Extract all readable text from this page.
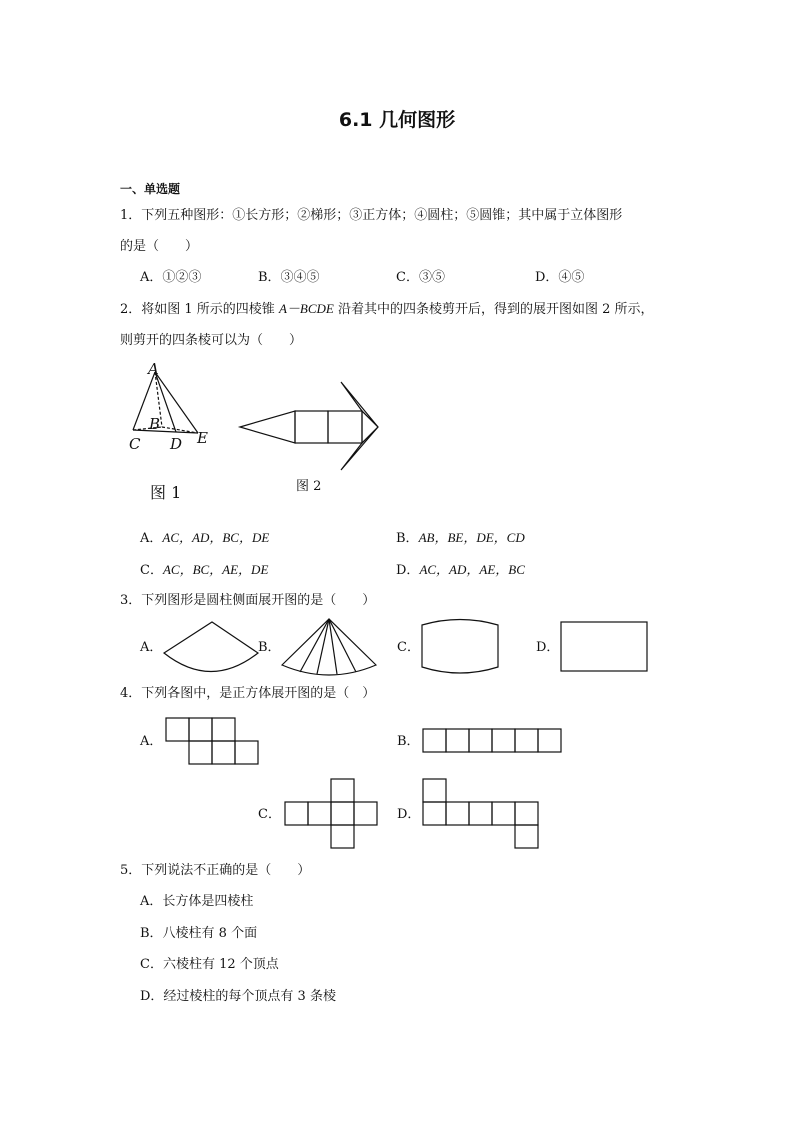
6.1 几何图形
一、单选题
1．下列五种图形：①长方形；②梯形；③正方体；④圆柱；⑤圆锥；其中属于立体图形
的是（　　）
A．①②③	B．③④⑤	C．③⑤	D．④⑤
2．将如图 1 所示的四棱锥 A－BCDE 沿着其中的四条棱剪开后，得到的展开图如图 2 所示，
则剪开的四条棱可以为（　　）
A
B
C D E
图 1	图 2
A．AC，AD，BC，DE	B．AB，BE，DE，CD
C．AC，BC，AE，DE	D．AC，AD，AE，BC
3．下列图形是圆柱侧面展开图的是（　　）
A．	B．	C．	D．
4．下列各图中，是正方体展开图的是（　）
A．	B．
C．	D．
5．下列说法不正确的是（　　）
A．长方体是四棱柱
B．八棱柱有 8 个面
C．六棱柱有 12 个顶点
D．经过棱柱的每个顶点有 3 条棱
